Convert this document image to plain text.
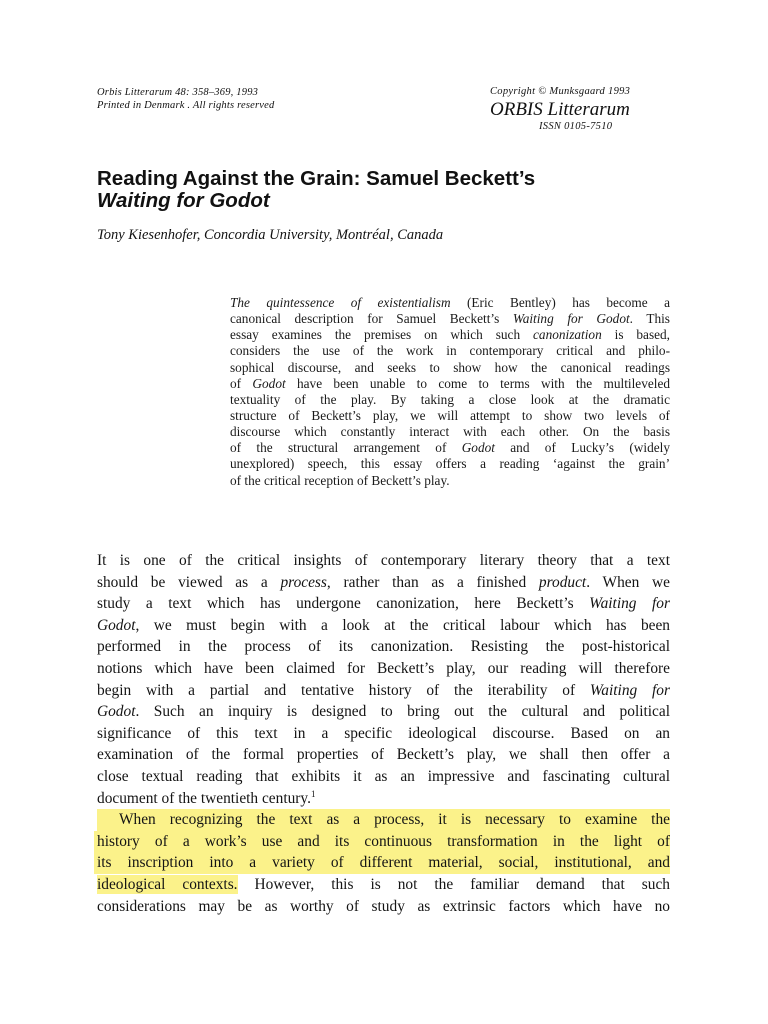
Orbis Litterarum 48: 358–369, 1993
Printed in Denmark . All rights reserved
Copyright © Munksgaard 1993
ORBIS Litterarum
ISSN 0105-7510
Reading Against the Grain: Samuel Beckett’s
Waiting for Godot
Tony Kiesenhofer, Concordia University, Montréal, Canada
The quintessence of existentialism (Eric Bentley) has become a
canonical description for Samuel Beckett’s Waiting for Godot. This
essay examines the premises on which such canonization is based,
considers the use of the work in contemporary critical and philo-
sophical discourse, and seeks to show how the canonical readings
of Godot have been unable to come to terms with the multileveled
textuality of the play. By taking a close look at the dramatic
structure of Beckett’s play, we will attempt to show two levels of
discourse which constantly interact with each other. On the basis
of the structural arrangement of Godot and of Lucky’s (widely
unexplored) speech, this essay offers a reading ‘against the grain’
of the critical reception of Beckett’s play.
It is one of the critical insights of contemporary literary theory that a text
should be viewed as a process, rather than as a finished product. When we
study a text which has undergone canonization, here Beckett’s Waiting for
Godot, we must begin with a look at the critical labour which has been
performed in the process of its canonization. Resisting the post-historical
notions which have been claimed for Beckett’s play, our reading will therefore
begin with a partial and tentative history of the iterability of Waiting for
Godot. Such an inquiry is designed to bring out the cultural and political
significance of this text in a specific ideological discourse. Based on an
examination of the formal properties of Beckett’s play, we shall then offer a
close textual reading that exhibits it as an impressive and fascinating cultural
document of the twentieth century.$^1$
When recognizing the text as a process, it is necessary to examine the
history of a work’s use and its continuous transformation in the light of
its inscription into a variety of different material, social, institutional, and
ideological contexts. However, this is not the familiar demand that such
considerations may be as worthy of study as extrinsic factors which have no
